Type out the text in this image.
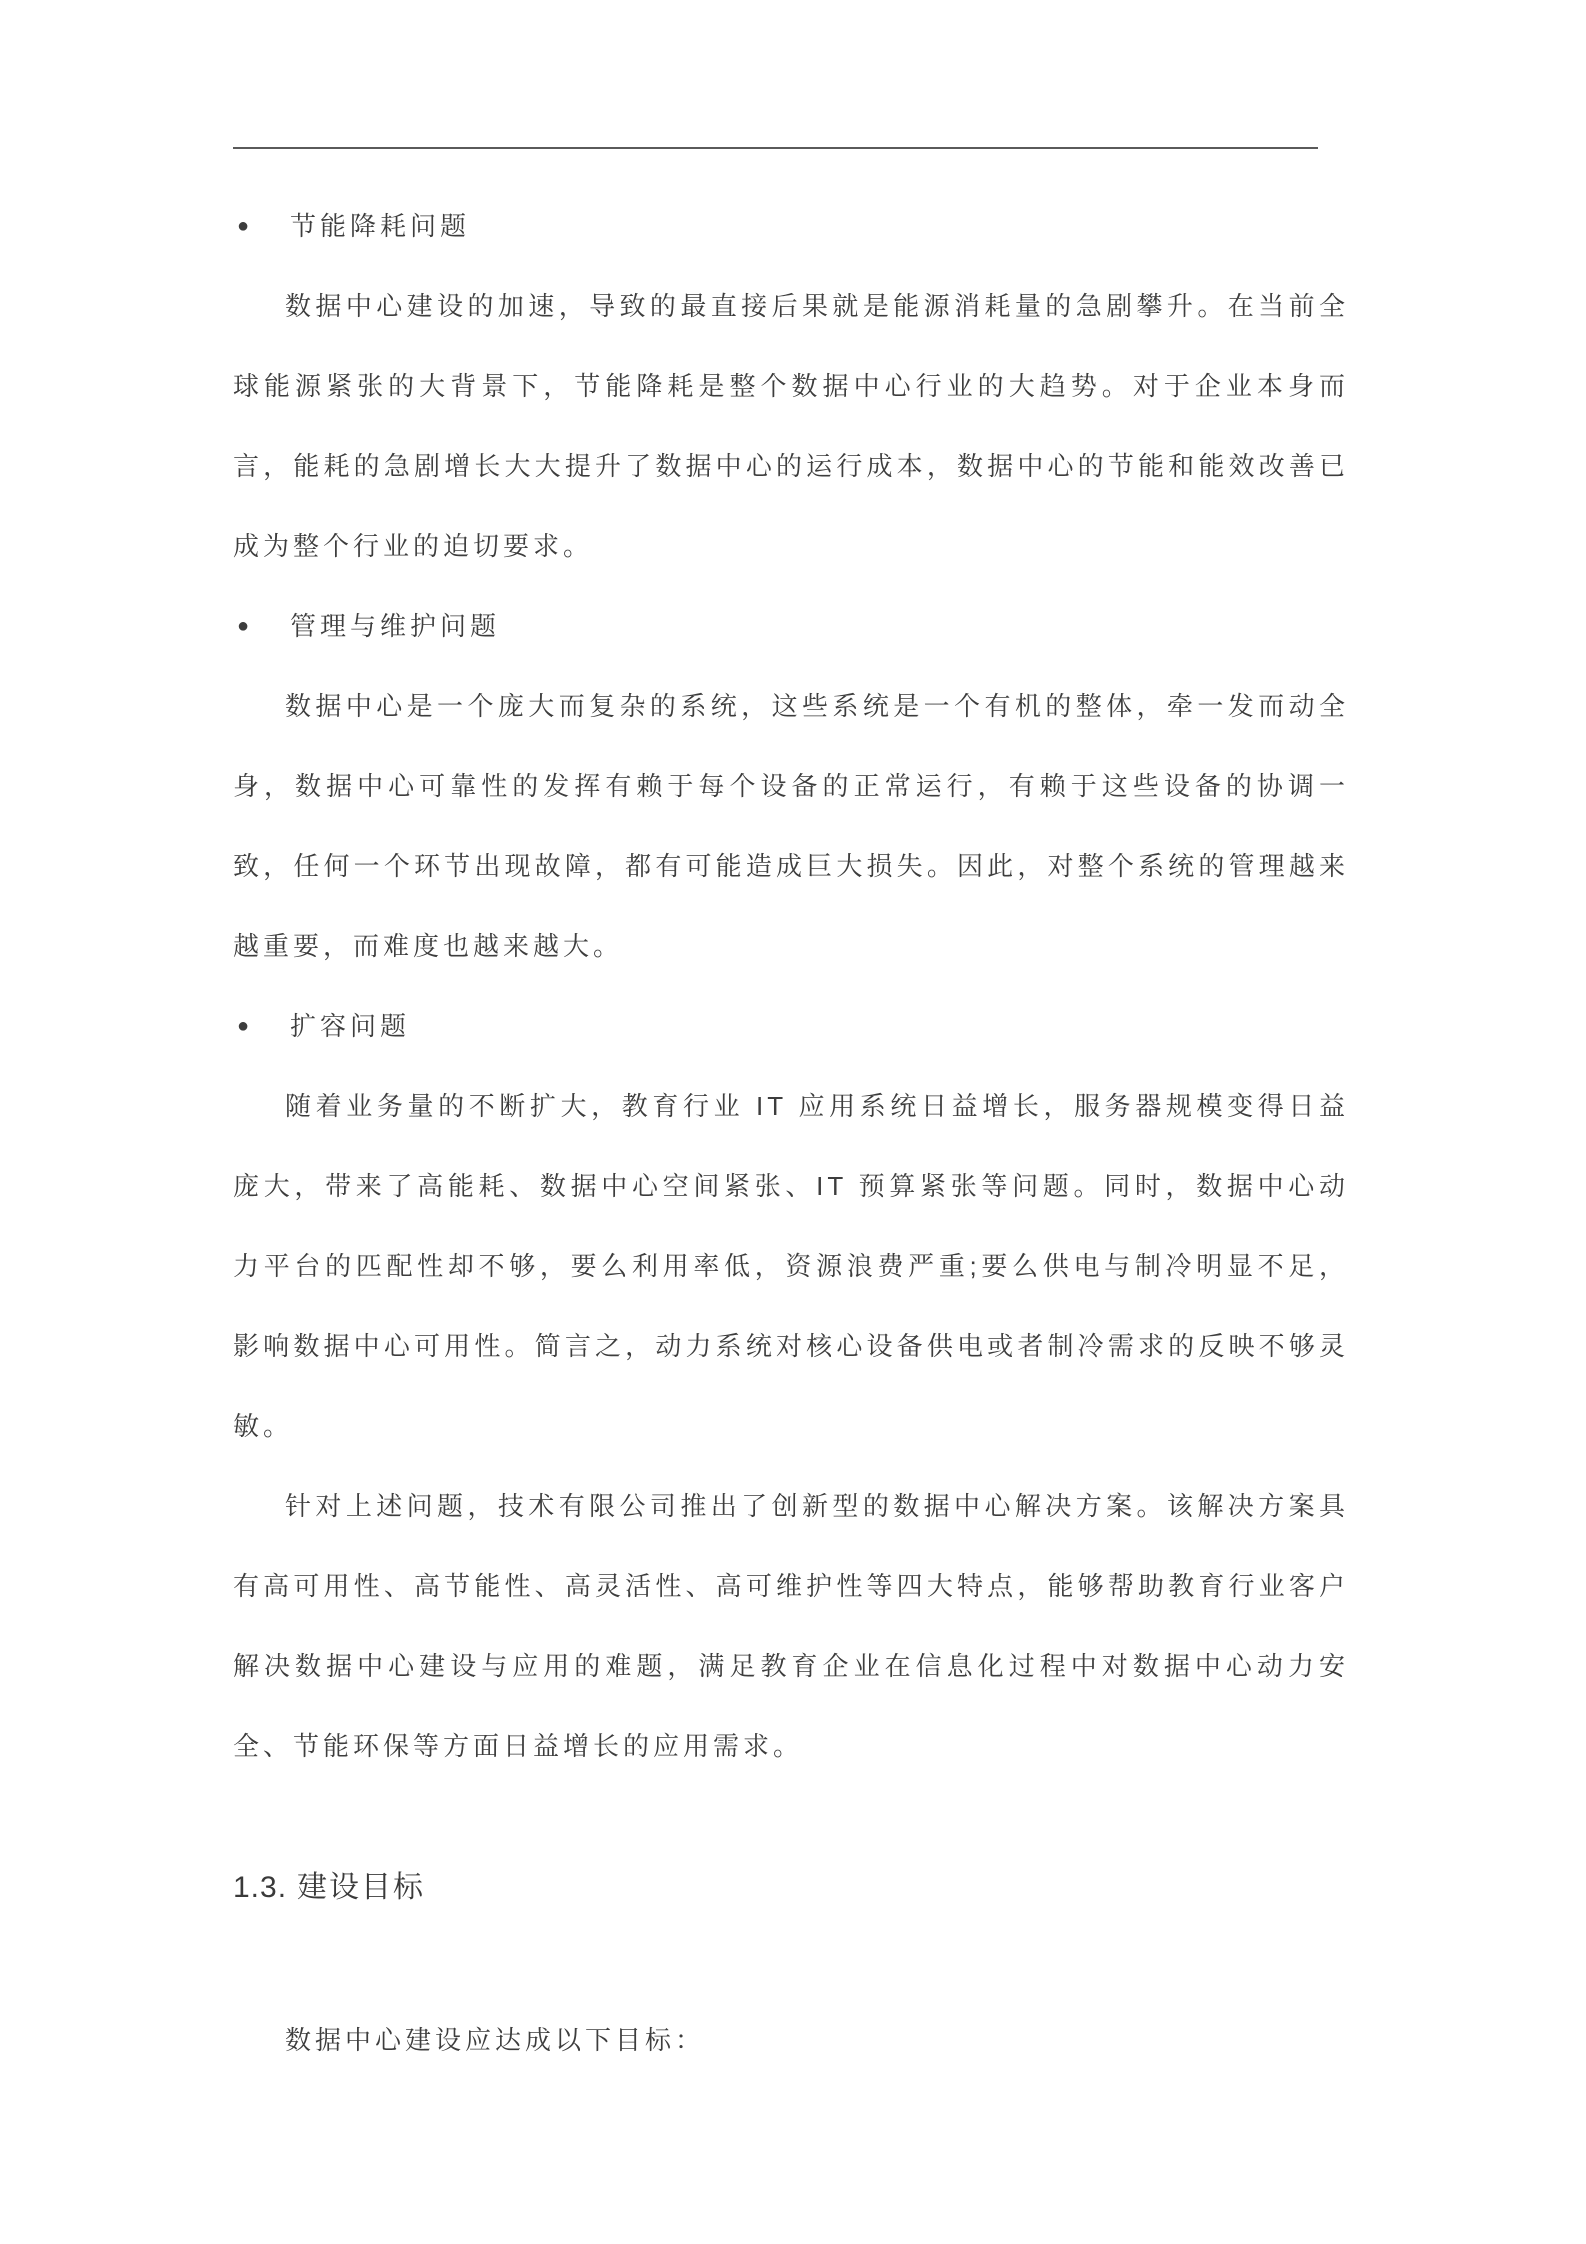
● 节能降耗问题

数据中心建设的加速，导致的最直接后果就是能源消耗量的急剧攀升。在当前全球能源紧张的大背景下，节能降耗是整个数据中心行业的大趋势。对于企业本身而言，能耗的急剧增长大大提升了数据中心的运行成本，数据中心的节能和能效改善已成为整个行业的迫切要求。

● 管理与维护问题

数据中心是一个庞大而复杂的系统，这些系统是一个有机的整体，牵一发而动全身，数据中心可靠性的发挥有赖于每个设备的正常运行，有赖于这些设备的协调一致，任何一个环节出现故障，都有可能造成巨大损失。因此，对整个系统的管理越来越重要，而难度也越来越大。

● 扩容问题

随着业务量的不断扩大，教育行业 IT 应用系统日益增长，服务器规模变得日益庞大，带来了高能耗、数据中心空间紧张、IT 预算紧张等问题。同时，数据中心动力平台的匹配性却不够，要么利用率低，资源浪费严重;要么供电与制冷明显不足，影响数据中心可用性。简言之，动力系统对核心设备供电或者制冷需求的反映不够灵敏。

针对上述问题，技术有限公司推出了创新型的数据中心解决方案。该解决方案具有高可用性、高节能性、高灵活性、高可维护性等四大特点，能够帮助教育行业客户解决数据中心建设与应用的难题，满足教育企业在信息化过程中对数据中心动力安全、节能环保等方面日益增长的应用需求。

1.3. 建设目标

数据中心建设应达成以下目标：
